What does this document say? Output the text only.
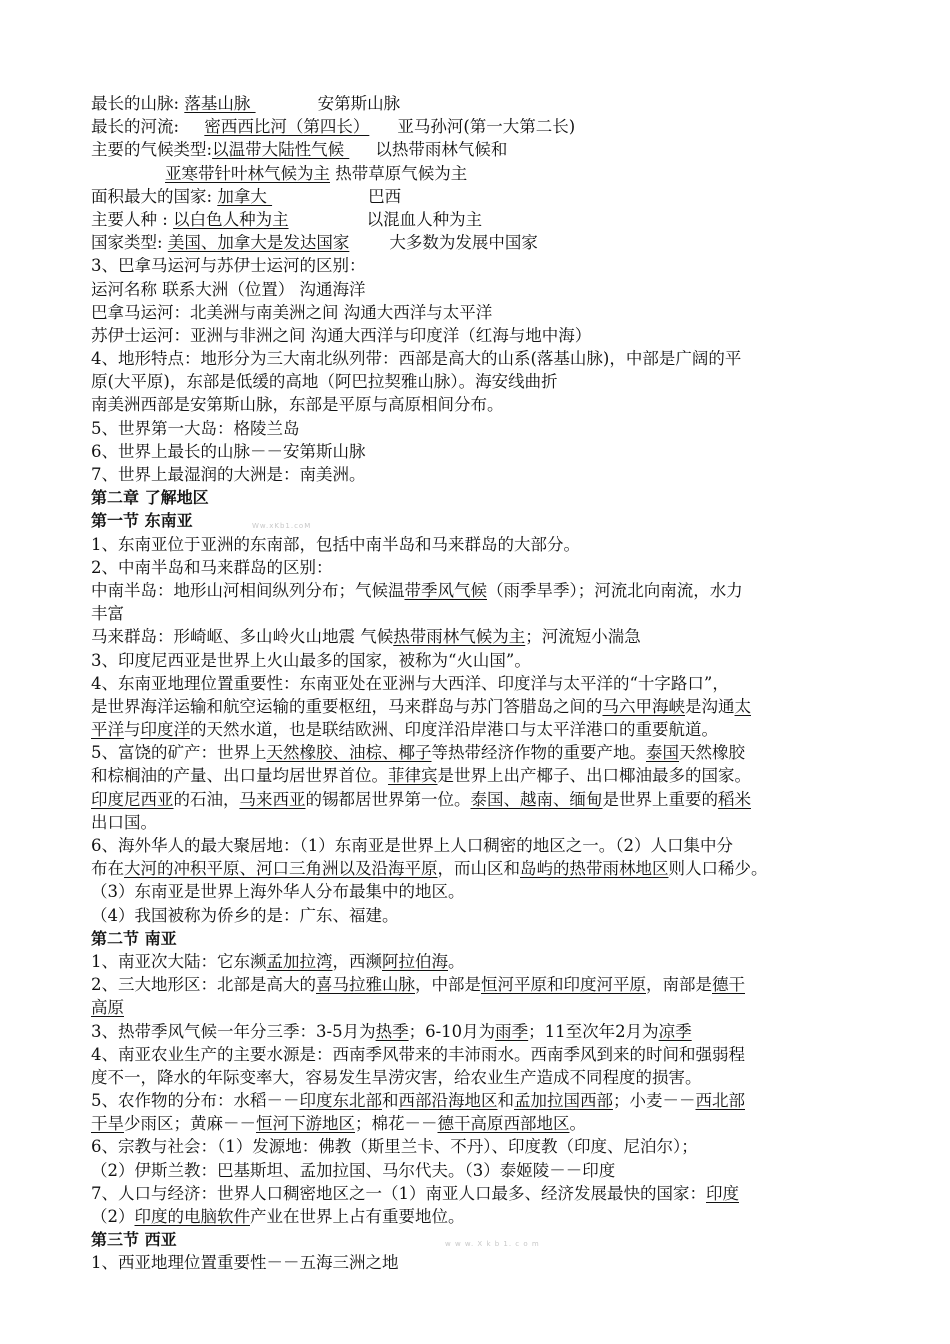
最长的山脉: 落基山脉	安第斯山脉
最长的河流: 密西西比河（第四长） 亚马孙河(第一大第二长)
主要的气候类型:以温带大陆性气候 以热带雨林气候和
亚寒带针叶林气候为主 热带草原气候为主
面积最大的国家: 加拿大	巴西
主要人种 : 以白色人种为主	以混血人种为主
国家类型: 美国、加拿大是发达国家 大多数为发展中国家
3、巴拿马运河与苏伊士运河的区别：
运河名称 联系大洲（位置） 沟通海洋
巴拿马运河：北美洲与南美洲之间 沟通大西洋与太平洋
苏伊士运河：亚洲与非洲之间 沟通大西洋与印度洋（红海与地中海）
4、地形特点：地形分为三大南北纵列带：西部是高大的山系(落基山脉)，中部是广阔的平
原(大平原)，东部是低缓的高地（阿巴拉契雅山脉）。海安线曲折
南美洲西部是安第斯山脉，东部是平原与高原相间分布。
5、世界第一大岛：格陵兰岛
6、世界上最长的山脉－－安第斯山脉
7、世界上最湿润的大洲是：南美洲。
第二章 了解地区
第一节 东南亚
1、东南亚位于亚洲的东南部，包括中南半岛和马来群岛的大部分。
2、中南半岛和马来群岛的区别：
中南半岛：地形山河相间纵列分布；气候温带季风气候（雨季旱季）；河流北向南流，水力
丰富
马来群岛：形崎岖、多山岭火山地震 气候热带雨林气候为主；河流短小湍急
3、印度尼西亚是世界上火山最多的国家，被称为“火山国”。
4、东南亚地理位置重要性：东南亚处在亚洲与大西洋、印度洋与太平洋的“十字路口”，
是世界海洋运输和航空运输的重要枢纽，马来群岛与苏门答腊岛之间的马六甲海峡是沟通太
平洋与印度洋的天然水道，也是联结欧洲、印度洋沿岸港口与太平洋港口的重要航道。
5、富饶的矿产：世界上天然橡胶、油棕、椰子等热带经济作物的重要产地。泰国天然橡胶
和棕榈油的产量、出口量均居世界首位。菲律宾是世界上出产椰子、出口椰油最多的国家。
印度尼西亚的石油，马来西亚的锡都居世界第一位。泰国、越南、缅甸是世界上重要的稻米
出口国。
6、海外华人的最大聚居地：（1）东南亚是世界上人口稠密的地区之一。（2）人口集中分
布在大河的冲积平原、河口三角洲以及沿海平原，而山区和岛屿的热带雨林地区则人口稀少。
（3）东南亚是世界上海外华人分布最集中的地区。
（4）我国被称为侨乡的是：广东、福建。
第二节 南亚
1、南亚次大陆：它东濒孟加拉湾，西濒阿拉伯海。
2、三大地形区：北部是高大的喜马拉雅山脉，中部是恒河平原和印度河平原，南部是德干
高原
3、热带季风气候一年分三季：3-5月为热季；6-10月为雨季；11至次年2月为凉季
4、南亚农业生产的主要水源是：西南季风带来的丰沛雨水。西南季风到来的时间和强弱程
度不一，降水的年际变率大，容易发生旱涝灾害，给农业生产造成不同程度的损害。
5、农作物的分布：水稻－－印度东北部和西部沿海地区和孟加拉国西部；小麦－－西北部
干旱少雨区；黄麻－－恒河下游地区；棉花－－德干高原西部地区。
6、宗教与社会：（1）发源地：佛教（斯里兰卡、不丹）、印度教（印度、尼泊尔）；
（2）伊斯兰教：巴基斯坦、孟加拉国、马尔代夫。（3）泰姬陵－－印度
7、人口与经济：世界人口稠密地区之一（1）南亚人口最多、经济发展最快的国家：印度
（2）印度的电脑软件产业在世界上占有重要地位。
第三节 西亚
1、西亚地理位置重要性－－五海三洲之地
Ww.xKb1.coM
w w w. X k b 1. c o m
